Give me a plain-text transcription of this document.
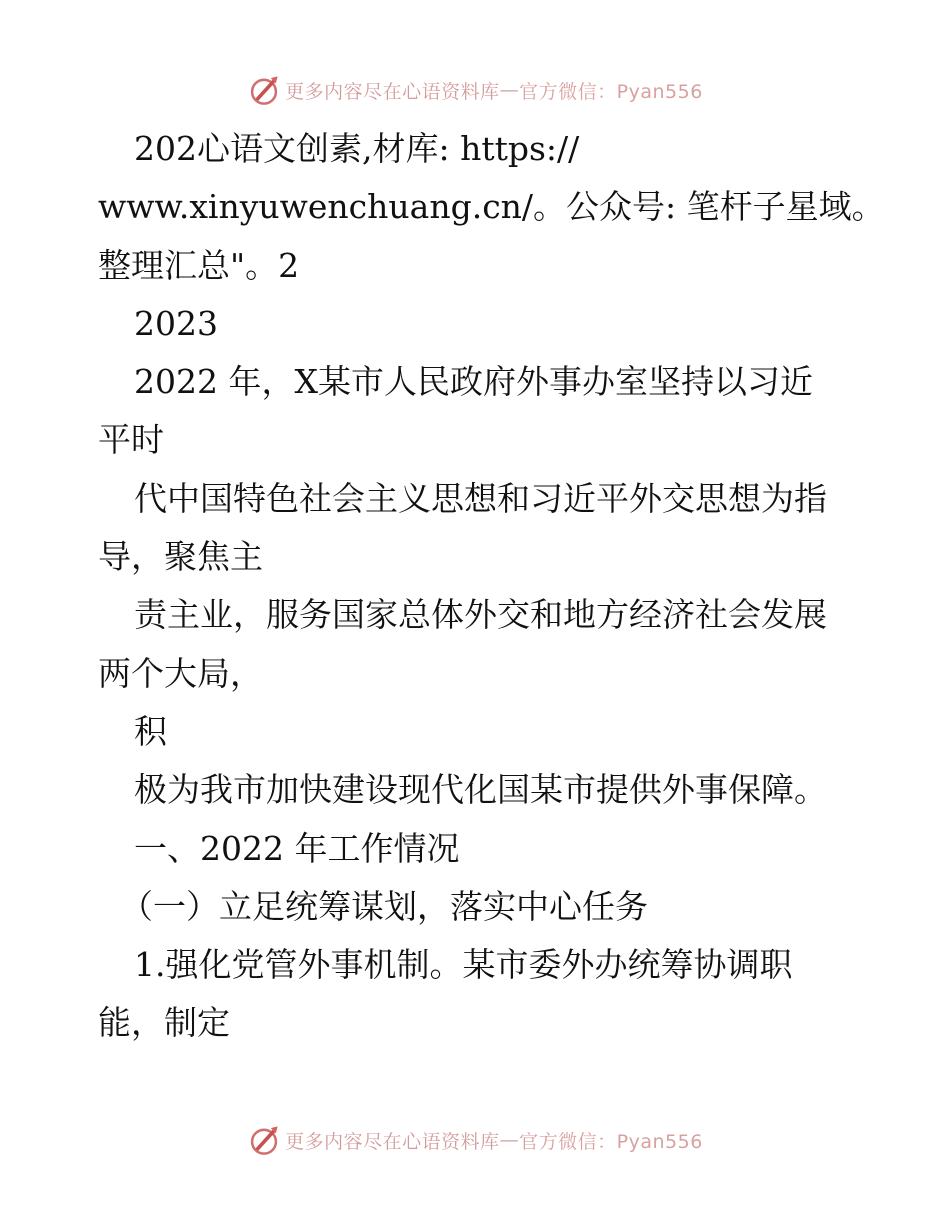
更多内容尽在心语资料库 — 官方微信：Pyan556
202心语文创素,材库: https://
www.xinyuwenchuang.cn/。公众号: 笔杆子星域。
整理汇总"。2
2023
2022 年，X某市人民政府外事办室坚持以习近
平时
代中国特色社会主义思想和习近平外交思想为指
导，聚焦主
责主业，服务国家总体外交和地方经济社会发展
两个大局，
积
极为我市加快建设现代化国某市提供外事保障。
一、2022 年工作情况
（一）立足统筹谋划，落实中心任务
1.强化党管外事机制。某市委外办统筹协调职
能，制定
更多内容尽在心语资料库 — 官方微信：Pyan556
